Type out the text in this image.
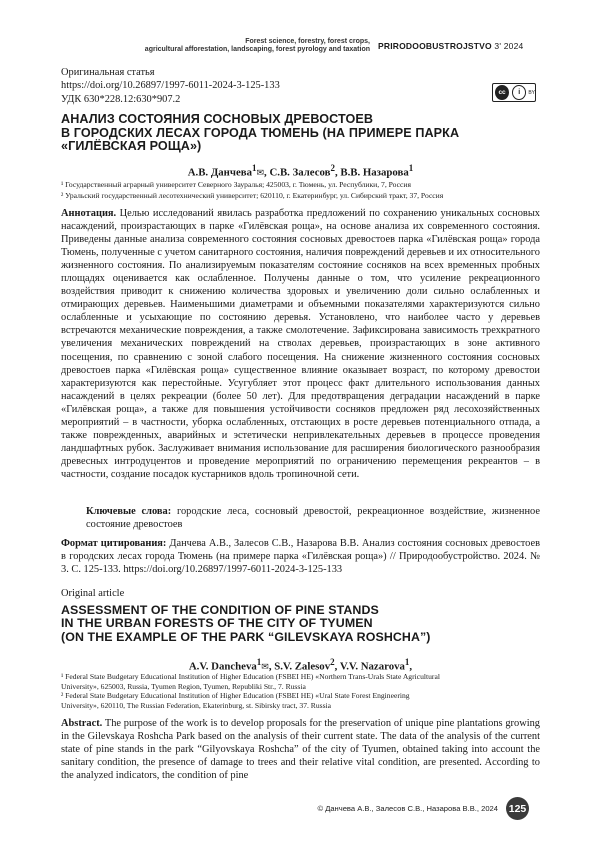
Forest science, forestry, forest crops,
agricultural afforestation, landscaping, forest pyrology and taxation PRIRODOOBUSTROJSTVO 3' 2024
Оригинальная статья
https://doi.org/10.26897/1997-6011-2024-3-125-133
УДК 630*228.12:630*907.2
cc	i	BY
АНАЛИЗ СОСТОЯНИЯ СОСНОВЫХ ДРЕВОСТОЕВ
В ГОРОДСКИХ ЛЕСАХ ГОРОДА ТЮМЕНЬ (НА ПРИМЕРЕ ПАРКА
«ГИЛЁВСКАЯ РОЩА»)
А.В. Данчева$^1$✉, С.В. Залесов$^2$, В.В. Назарова$^1$
¹ Государственный аграрный университет Северного Зауралья; 425003, г. Тюмень, ул. Республики, 7, Россия
² Уральский государственный лесотехнический университет; 620110, г. Екатеринбург, ул. Сибирский тракт, 37, Россия
Аннотация. Целью исследований явилась разработка предложений по сохранению уникальных сосновых насаждений, произрастающих в парке «Гилёвская роща», на основе анализа их современного состояния. Приведены данные анализа современного состояния сосновых древостоев парка «Гилёвская роща» города Тюмень, полученные с учетом санитарного состояния, наличия повреждений деревьев и их относительного жизненного состояния. По анализируемым показателям состояние сосняков на всех временных пробных площадях оценивается как ослабленное. Получены данные о том, что усиление рекреационного воздействия приводит к снижению количества здоровых и увеличению доли сильно ослабленных и отмирающих деревьев. Наименьшими диаметрами и объемными показателями характеризуются сильно ослабленные и усыхающие по состоянию деревья. Установлено, что наиболее часто у деревьев встречаются механические повреждения, а также смолотечение. Зафиксирована зависимость трехкратного увеличения механических повреждений на стволах деревьев, произрастающих в зоне активного посещения, по сравнению с зоной слабого посещения. На снижение жизненного состояния сосновых древостоев парка «Гилёвская роща» существенное влияние оказывает возраст, по которому древостои характеризуются как перестойные. Усугубляет этот процесс факт длительного использования данных насаждений в целях рекреации (более 50 лет). Для предотвращения деградации насаждений в парке «Гилёвская роща», а также для повышения устойчивости сосняков предложен ряд лесохозяйственных мероприятий – в частности, уборка ослабленных, отстающих в росте деревьев потенциального отпада, а также поврежденных, аварийных и эстетически непривлекательных деревьев в процессе проведения ландшафтных рубок. Заслуживает внимания использование для расширения биологического разнообразия древесных интродуцентов и проведение мероприятий по ограничению перемещения рекреантов – в частности, создание посадок кустарников вдоль тропиночной сети.
Ключевые слова: городские леса, сосновый древостой, рекреационное воздействие, жизненное состояние древостоев
Формат цитирования: Данчева А.В., Залесов С.В., Назарова В.В. Анализ состояния сосновых древостоев в городских лесах города Тюмень (на примере парка «Гилёвская роща») // Природообустройство. 2024. № 3. С. 125-133. https://doi.org/10.26897/1997-6011-2024-3-125-133
Original article
ASSESSMENT OF THE CONDITION OF PINE STANDS
IN THE URBAN FORESTS OF THE CITY OF TYUMEN
(ON THE EXAMPLE OF THE PARK “GILEVSKAYA ROSHCHA”)
A.V. Dancheva$^1$✉, S.V. Zalesov$^2$, V.V. Nazarova$^1$,
¹ Federal State Budgetary Educational Institution of Higher Education (FSBEI HE) «Northern Trans-Urals State Agricultural
University», 625003, Russia, Tyumen Region, Tyumen, Republiki Str., 7. Russia
² Federal State Budgetary Educational Institution of Higher Education (FSBEI HE) «Ural State Forest Engineering
University», 620110, The Russian Federation, Ekaterinburg, st. Sibirsky tract, 37. Russia
Abstract. The purpose of the work is to develop proposals for the preservation of unique pine plantations growing in the Gilevskaya Roshcha Park based on the analysis of their current state. The data of the analysis of the current state of pine stands in the park “Gilyovskaya Roshcha” of the city of Tyumen, obtained taking into account the sanitary condition, the presence of damage to trees and their relative vital condition, are presented. According to the analyzed indicators, the condition of pine
© Данчева А.В., Залесов С.В., Назарова В.В., 2024 125
